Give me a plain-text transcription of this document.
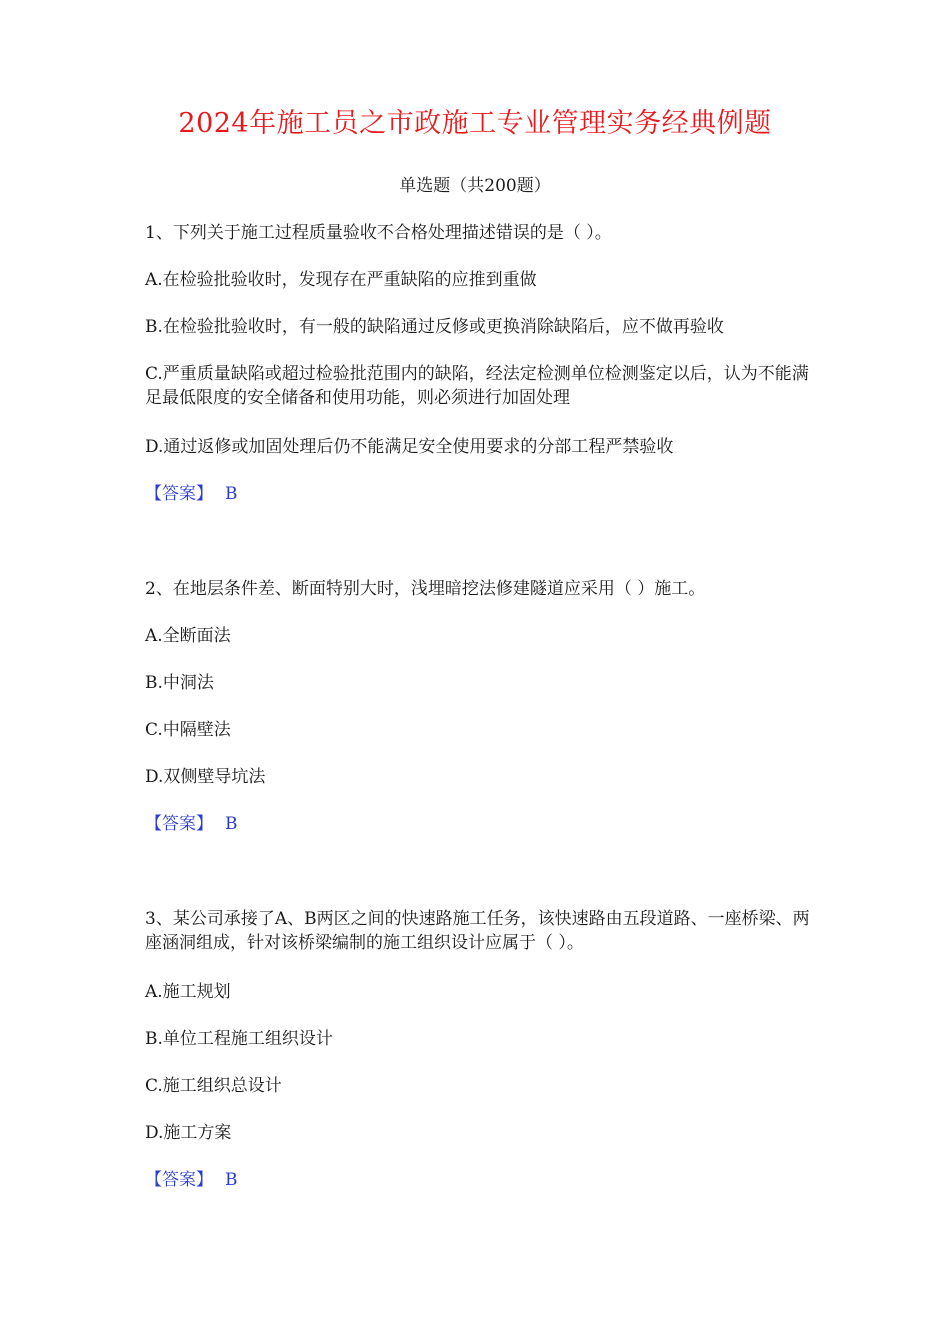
2024年施工员之市政施工专业管理实务经典例题
单选题（共200题）
1、下列关于施工过程质量验收不合格处理描述错误的是（ ）。
A.在检验批验收时，发现存在严重缺陷的应推到重做
B.在检验批验收时，有一般的缺陷通过反修或更换消除缺陷后，应不做再验收
C.严重质量缺陷或超过检验批范围内的缺陷，经法定检测单位检测鉴定以后，认为不能满足最低限度的安全储备和使用功能，则必须进行加固处理
D.通过返修或加固处理后仍不能满足安全使用要求的分部工程严禁验收
【答案】 B
2、在地层条件差、断面特别大时，浅埋暗挖法修建隧道应采用（ ）施工。
A.全断面法
B.中洞法
C.中隔壁法
D.双侧壁导坑法
【答案】 B
3、某公司承接了A、B两区之间的快速路施工任务，该快速路由五段道路、一座桥梁、两座涵洞组成，针对该桥梁编制的施工组织设计应属于（ ）。
A.施工规划
B.单位工程施工组织设计
C.施工组织总设计
D.施工方案
【答案】 B
